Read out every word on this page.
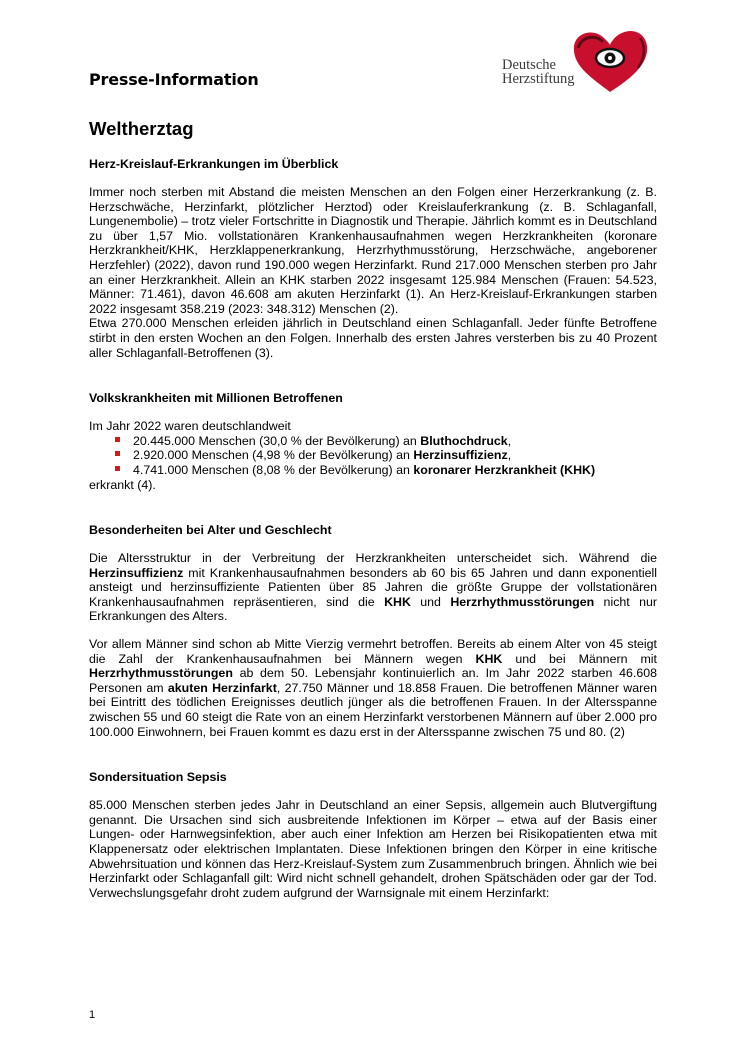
Presse-Information
Deutsche
Herzstiftung
Weltherztag
Herz-Kreislauf-Erkrankungen im Überblick

Immer noch sterben mit Abstand die meisten Menschen an den Folgen einer Herzerkrankung (z. B. Herzschwäche, Herzinfarkt, plötzlicher Herztod) oder Kreislauferkrankung (z. B. Schlaganfall, Lungenembolie) – trotz vieler Fortschritte in Diagnostik und Therapie. Jährlich kommt es in Deutschland zu über 1,57 Mio. vollstationären Krankenhausaufnahmen wegen Herzkrankheiten (koronare Herzkrankheit/KHK, Herzklappenerkrankung, Herzrhythmusstörung, Herzschwäche, angeborener Herzfehler) (2022), davon rund 190.000 wegen Herzinfarkt. Rund 217.000 Menschen sterben pro Jahr an einer Herzkrankheit. Allein an KHK starben 2022 insgesamt 125.984 Menschen (Frauen: 54.523, Männer: 71.461), davon 46.608 am akuten Herzinfarkt (1). An Herz-Kreislauf-Erkrankungen starben 2022 insgesamt 358.219 (2023: 348.312) Menschen (2).

Etwa 270.000 Menschen erleiden jährlich in Deutschland einen Schlaganfall. Jeder fünfte Betroffene stirbt in den ersten Wochen an den Folgen. Innerhalb des ersten Jahres versterben bis zu 40 Prozent aller Schlaganfall-Betroffenen (3).

Volkskrankheiten mit Millionen Betroffenen

Im Jahr 2022 waren deutschlandweit

20.445.000 Menschen (30,0 % der Bevölkerung) an Bluthochdruck,
2.920.000 Menschen (4,98 % der Bevölkerung) an Herzinsuffizienz,
4.741.000 Menschen (8,08 % der Bevölkerung) an koronarer Herzkrankheit (KHK)

erkrankt (4).

Besonderheiten bei Alter und Geschlecht

Die Altersstruktur in der Verbreitung der Herzkrankheiten unterscheidet sich. Während die Herzinsuffizienz mit Krankenhausaufnahmen besonders ab 60 bis 65 Jahren und dann exponentiell ansteigt und herzinsuffiziente Patienten über 85 Jahren die größte Gruppe der vollstationären Krankenhausaufnahmen repräsentieren, sind die KHK und Herzrhythmusstörungen nicht nur Erkrankungen des Alters.

Vor allem Männer sind schon ab Mitte Vierzig vermehrt betroffen. Bereits ab einem Alter von 45 steigt die Zahl der Krankenhausaufnahmen bei Männern wegen KHK und bei Männern mit Herzrhythmusstörungen ab dem 50. Lebensjahr kontinuierlich an. Im Jahr 2022 starben 46.608 Personen am akuten Herzinfarkt, 27.750 Männer und 18.858 Frauen. Die betroffenen Männer waren bei Eintritt des tödlichen Ereignisses deutlich jünger als die betroffenen Frauen. In der Altersspanne zwischen 55 und 60 steigt die Rate von an einem Herzinfarkt verstorbenen Männern auf über 2.000 pro 100.000 Einwohnern, bei Frauen kommt es dazu erst in der Altersspanne zwischen 75 und 80. (2)

Sondersituation Sepsis

85.000 Menschen sterben jedes Jahr in Deutschland an einer Sepsis, allgemein auch Blutvergiftung genannt. Die Ursachen sind sich ausbreitende Infektionen im Körper – etwa auf der Basis einer Lungen- oder Harnwegsinfektion, aber auch einer Infektion am Herzen bei Risikopatienten etwa mit Klappenersatz oder elektrischen Implantaten. Diese Infektionen bringen den Körper in eine kritische Abwehrsituation und können das Herz-Kreislauf-System zum Zusammenbruch bringen. Ähnlich wie bei Herzinfarkt oder Schlaganfall gilt: Wird nicht schnell gehandelt, drohen Spätschäden oder gar der Tod. Verwechslungsgefahr droht zudem aufgrund der Warnsignale mit einem Herzinfarkt:

1
